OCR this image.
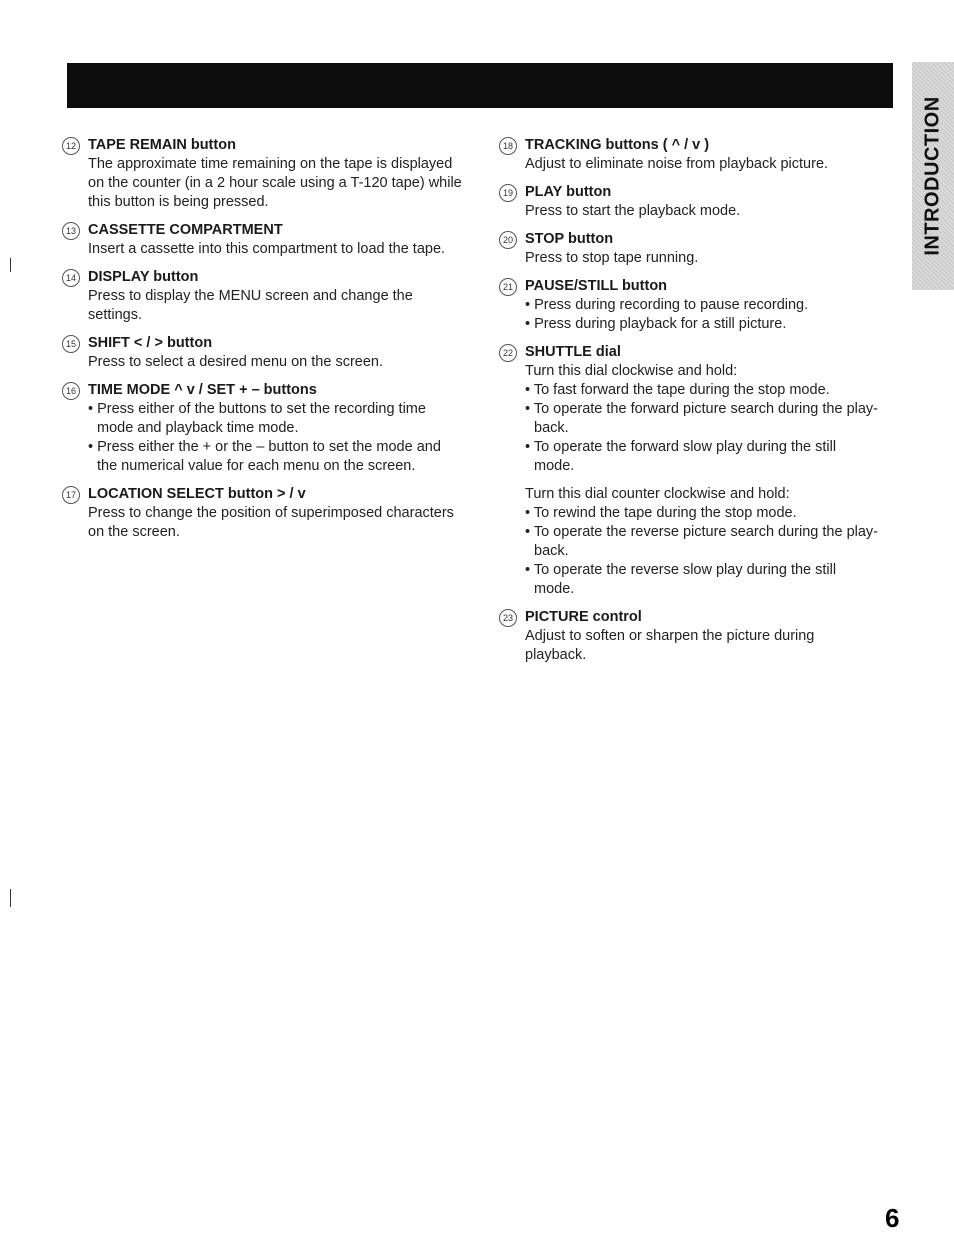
INTRODUCTION
12 TAPE REMAIN button

The approximate time remaining on the tape is displayed on the counter (in a 2 hour scale using a T-120 tape) while this button is being pressed.

13 CASSETTE COMPARTMENT

Insert a cassette into this compartment to load the tape.

14 DISPLAY button

Press to display the MENU screen and change the settings.

15 SHIFT < / > button

Press to select a desired menu on the screen.

16 TIME MODE ^ v / SET + – buttons

• Press either of the buttons to set the recording time mode and playback time mode.

• Press either the + or the – button to set the mode and the numerical value for each menu on the screen.

17 LOCATION SELECT button > / v

Press to change the position of superimposed characters on the screen.

18 TRACKING buttons ( ^ / v )

Adjust to eliminate noise from playback picture.

19 PLAY button

Press to start the playback mode.

20 STOP button

Press to stop tape running.

21 PAUSE/STILL button

• Press during recording to pause recording.

• Press during playback for a still picture.

22 SHUTTLE dial

Turn this dial clockwise and hold:

• To fast forward the tape during the stop mode.

• To operate the forward picture search during the play-back.

• To operate the forward slow play during the still mode.

Turn this dial counter clockwise and hold:

• To rewind the tape during the stop mode.

• To operate the reverse picture search during the play-back.

• To operate the reverse slow play during the still mode.

23 PICTURE control

Adjust to soften or sharpen the picture during playback.

6
